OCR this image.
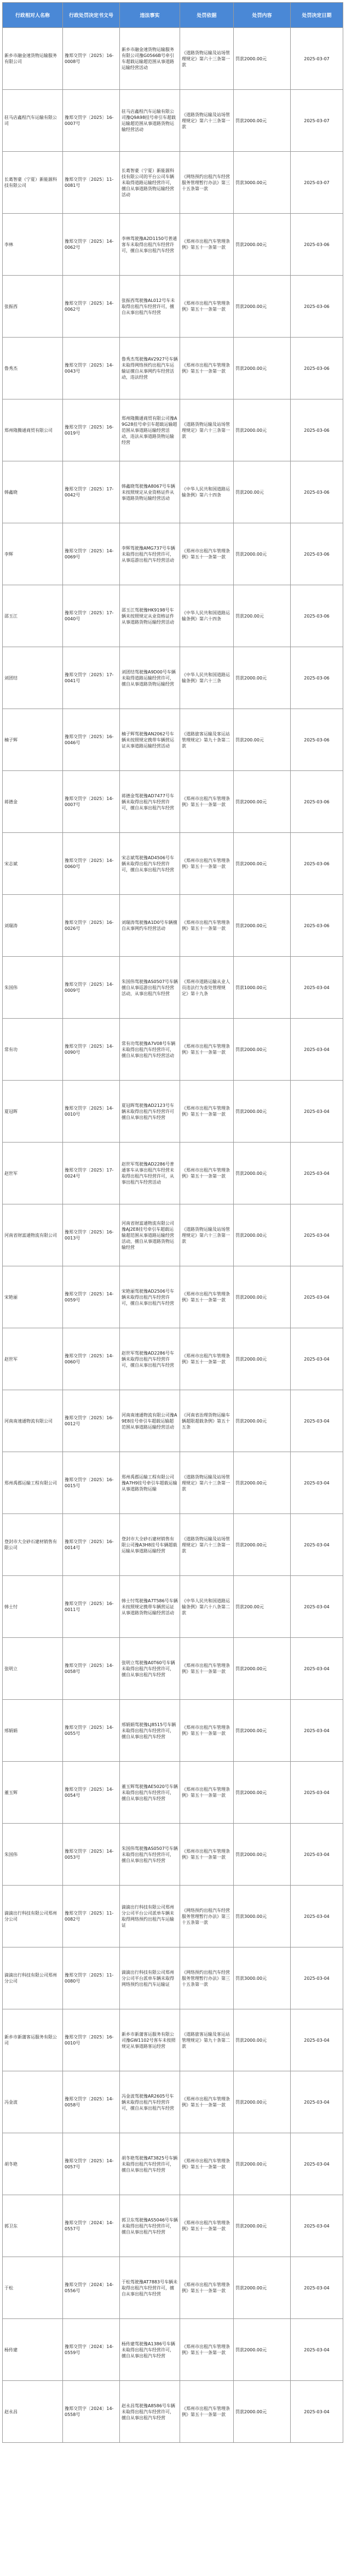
行政相对人名称	行政处罚决定书文号	违法事实	处罚依据	处罚内容	处罚决定日期
新乡市融金速货物运输服务有限公司	豫郑交罚字〔2025〕16-0008号	新乡市融金速货物运输服务有限公司豫G0566B号牵引车超载运输超范围从事道路运输经营活动	《道路货物运输及站场管理规定》第六十三条第一款	罚款2000.00元	2025-03-07
驻马店鑫程汽车运输有限公司	豫郑交罚字〔2025〕16-0007号	驻马店鑫程汽车运输有限公司豫Q9A98挂号牵引车超载运输超范围从事道路货物运输经营活动	《道路货物运输及站场管理规定》第六十三条第一款	罚款2000.00元	2025-03-07
长葛智豪（宁夏）新能源科技有限公司	豫郑交罚字〔2025〕11-0081号	长葛智豪（宁夏）新能源科技有限公司的平台公司车辆未取得道路运输经营许可，擅自从事道路货物运输经营活动	《网络预约出租汽车经营服务管理暂行办法》第三十五条第一款	罚款3000.00元	2025-03-07
李林	豫郑交罚字〔2025〕14-0062号	李林驾驶豫A2D1150号普通客车未取得出租汽车经营许可，擅自从事出租汽车经营	《郑州市出租汽车管理条例》第五十一条第一款	罚款2000.00元	2025-03-06
张振西	豫郑交罚字〔2025〕14-0062号	张振西驾驶豫AL012号车未取得出租汽车经营许可，擅自从事出租汽车经营	《郑州市出租汽车管理条例》第五十一条第一款	罚款2000.00元	2025-03-06
鲁秀杰	豫郑交罚字〔2025〕14-0043号	鲁秀杰驾驶豫AV2927号车辆未取得网络预约出租汽车运输证擅自从事网约车经营活动，违法经营	《郑州市出租汽车管理条例》第五十一条第一款	罚款2000.00元	2025-03-06
郑州隆腾通商贸有限公司	豫郑交罚字〔2025〕16-0019号	郑州隆腾通商贸有限公司豫A9G28挂号牵引车超载运输超范围从事道路运输经营活动，违法从事道路货物运输经营	《道路货物运输及站场管理规定》第六十三条第一款	罚款2000.00元	2025-03-06
韩鑫晓	豫郑交罚字〔2025〕17-0042号	韩鑫晓驾驶豫A8067号车辆未按照规定从业资格证件从事道路货物运输经营活动	《中华人民共和国道路运输条例》第六十四条	罚款200.00元	2025-03-06
李辉	豫郑交罚字〔2025〕14-0069号	李辉驾驶豫AMG737号车辆未取得出租汽车经营许可，从事巡游出租汽车经营活动	《郑州市出租汽车管理条例》第五十一条第一款	罚款2000.00元	2025-03-06
邵玉江	豫郑交罚字〔2025〕17-0040号	邵玉江驾驶豫HK9198号车辆未按照规定从业资格证件从事道路货物运输经营活动	《中华人民共和国道路运输条例》第六十四条	罚款200.00元	2025-03-06
刘团结	豫郑交罚字〔2025〕17-0041号	刘团结驾驶豫A9D00号车辆未取得道路运输经营许可，擅自从事道路货物运输经营	《中华人民共和国道路运输条例》第六十三条	罚款2000.00元	2025-03-06
楠子辉	豫郑交罚字〔2025〕16-0046号	楠子辉驾驶豫AN2062号车辆未按照规定携带车辆营运证从事道路运输经营活动	《道路旅客运输及客运站管理规定》第九十条第二款	罚款200.00元	2025-03-06
蒋德金	豫郑交罚字〔2025〕14-0007号	蒋德金驾驶豫AD7477号车辆未取得出租汽车经营许可，擅自从事出租汽车经营	《郑州市出租汽车管理条例》第五十一条第一款	罚款2000.00元	2025-03-06
宋志斌	豫郑交罚字〔2025〕14-0060号	宋志斌驾驶豫AD4506号车辆未取得出租汽车经营许可，擅自从事出租汽车经营	《郑州市出租汽车管理条例》第五十一条第一款	罚款2000.00元	2025-03-06
刘瑞涛	豫郑交罚字〔2025〕16-0026号	刘瑞涛驾驶豫A1D0号车辆擅自从事网约车经营活动	《郑州市出租汽车管理条例》第五十一条第一款	罚款2000.00元	2025-03-06
朱国伟	豫郑交罚字〔2025〕14-0009号	朱国伟驾驶豫AS0507号车辆擅自从事巡游出租汽车经营活动，从事出租汽车经营	《郑州市道路运输从业人员违法行为查处管理规定》第十九条	罚款1000.00元	2025-03-04
常有功	豫郑交罚字〔2025〕14-0090号	常有功驾驶豫A7V08号车辆未取得出租汽车经营许可，擅自从事出租汽车经营活动	《郑州市出租汽车管理条例》第五十一条第一款	罚款2000.00元	2025-03-04
夏冠晖	豫郑交罚字〔2025〕14-0010号	夏冠晖驾驶豫AD2123号车辆未取得出租汽车经营许可擅自从事出租汽车经营	《郑州市出租汽车管理条例》第五十一条第一款	罚款2000.00元	2025-03-04
赵世军	豫郑交罚字〔2025〕17-0024号	赵世军驾驶豫AD2286号普通客车从事出租汽车经营未取得出租汽车经营许可，从事出租汽车经营活动	《郑州市出租汽车管理条例》第五十一条第一款	罚款2000.00元	2025-03-04
河南省财富通物流有限公司	豫郑交罚字〔2025〕16-0013号	河南省财富通物流有限公司豫AJ2E8挂号牵引车超载运输超范围从事道路运输经营活动，擅自从事道路货物运输经营	《道路货物运输及站场管理规定》第六十三条第一款	罚款2000.00元	2025-03-04
宋艳丽	豫郑交罚字〔2025〕14-0059号	宋艳丽驾驶豫AD2506号车辆未取得出租汽车经营许可，擅自从事出租汽车经营	《郑州市出租汽车管理条例》第五十一条第一款	罚款2000.00元	2025-03-04
赵世军	豫郑交罚字〔2025〕14-0060号	赵世军驾驶豫AD2286号车辆未取得出租汽车经营许可，擅自从事出租汽车经营	《郑州市出租汽车管理条例》第五十一条第一款	罚款2000.00元	2025-03-04
河南南速通物流有限公司	豫郑交罚字〔2025〕16-0012号	河南南速通物流有限公司豫A9E8挂号牵引车超载运输超范围从事道路运输经营活动	《河南省治理货物运输车辆超限超载条例》第五十五条	罚款2000.00元	2025-03-04
郑州禹郡运输工程有限公司	豫郑交罚字〔2025〕16-0015号	郑州禹郡运输工程有限公司豫A7H9挂号牵引车超载运输从事道路货物运输	《道路货物运输及站场管理规定》第六十三条第一款	罚款2000.00元	2025-03-04
登封市大全砂石建材销售有限公司	豫郑交罚字〔2025〕16-0014号	登封市大全砂石建材销售有限公司豫A3H8挂号车辆超载运输从事道路运输经营	《道路货物运输及站场管理规定》第六十三条第一款	罚款2000.00元	2025-03-04
韩士忖	豫郑交罚字〔2025〕16-0011号	韩士忖驾驶豫A7T586号车辆未按照规定携带车辆营运证从事道路货物运输经营活动	《中华人民共和国道路运输条例》第六十八条第二款	罚款200.00元	2025-03-04
张明立	豫郑交罚字〔2025〕14-0058号	张明立驾驶豫A0T60号车辆未取得出租汽车经营许可，擅自从事出租汽车经营	《郑州市出租汽车管理条例》第五十一条第一款	罚款2000.00元	2025-03-04
邢娟娟	豫郑交罚字〔2025〕14-0055号	邢娟娟驾驶豫LJ8515号车辆未取得出租汽车经营许可，擅自从事出租汽车经营	《郑州市出租汽车管理条例》第五十一条第一款	罚款2000.00元	2025-03-04
董玉辉	豫郑交罚字〔2025〕14-0054号	董玉辉驾驶豫AE5020号车辆未取得出租汽车经营许可，擅自从事出租汽车经营	《郑州市出租汽车管理条例》第五十一条第一款	罚款2000.00元	2025-03-04
朱国伟	豫郑交罚字〔2025〕14-0053号	朱国伟驾驶豫AS0507号车辆未取得出租汽车经营许可，擅自从事出租汽车经营	《郑州市出租汽车管理条例》第五十一条第一款	罚款2000.00元	2025-03-04
滴滴出行科技有限公司郑州分公司	豫郑交罚字〔2025〕11-0082号	滴滴出行科技有限公司郑州分公司平台公司派单车辆未取得网络预约出租汽车运输证	《网络预约出租汽车经营服务管理暂行办法》第三十五条第一款	罚款3000.00元	2025-03-04
滴滴出行科技有限公司郑州分公司	豫郑交罚字〔2025〕11-0080号	滴滴出行科技有限公司郑州分公司平台派单车辆未取得网络预约出租汽车运输证	《网络预约出租汽车经营服务管理暂行办法》第三十五条第一款	罚款3000.00元	2025-03-04
新乡市新蒲客运服务有限公司	豫郑交罚字〔2025〕16-0010号	新乡市新蒲客运服务有限公司豫GW1102号客车未按照规定从事道路客运经营	《道路旅客运输及客运站管理规定》第九十条第二款	罚款2000.00元	2025-03-04
冯金波	豫郑交罚字〔2025〕14-0058号	冯金波驾驶豫AR2605号车辆未取得出租汽车经营许可，擅自从事出租汽车经营	《郑州市出租汽车管理条例》第五十一条第一款	罚款2000.00元	2025-03-04
胡冬艳	豫郑交罚字〔2025〕14-0057号	胡冬艳驾驶豫AT3825号车辆未取得出租汽车经营许可，擅自从事出租汽车经营	《郑州市出租汽车管理条例》第五十一条第一款	罚款2000.00元	2025-03-04
郭卫东	豫郑交罚字〔2024〕14-0557号	郭卫东驾驶豫AS5046号车辆未取得出租汽车经营许可，擅自从事出租汽车经营	《郑州市出租汽车管理条例》第五十一条第一款	罚款2000.00元	2025-03-04
于松	豫郑交罚字〔2024〕14-0556号	于松驾驶豫AT7883号车辆未取得出租汽车经营许可，擅自从事出租汽车经营	《郑州市出租汽车管理条例》第五十一条第一款	罚款2000.00元	2025-03-04
杨传建	豫郑交罚字〔2024〕14-0559号	杨传建驾驶豫A1386号车辆未取得出租汽车经营许可，擅自从事出租汽车经营	《郑州市出租汽车管理条例》第五十一条第一款	罚款2000.00元	2025-03-04
赵永昌	豫郑交罚字〔2024〕14-0558号	赵永昌驾驶豫A8586号车辆未取得出租汽车经营许可，擅自从事出租汽车经营	《郑州市出租汽车管理条例》第五十一条第一款	罚款2000.00元	2025-03-04
